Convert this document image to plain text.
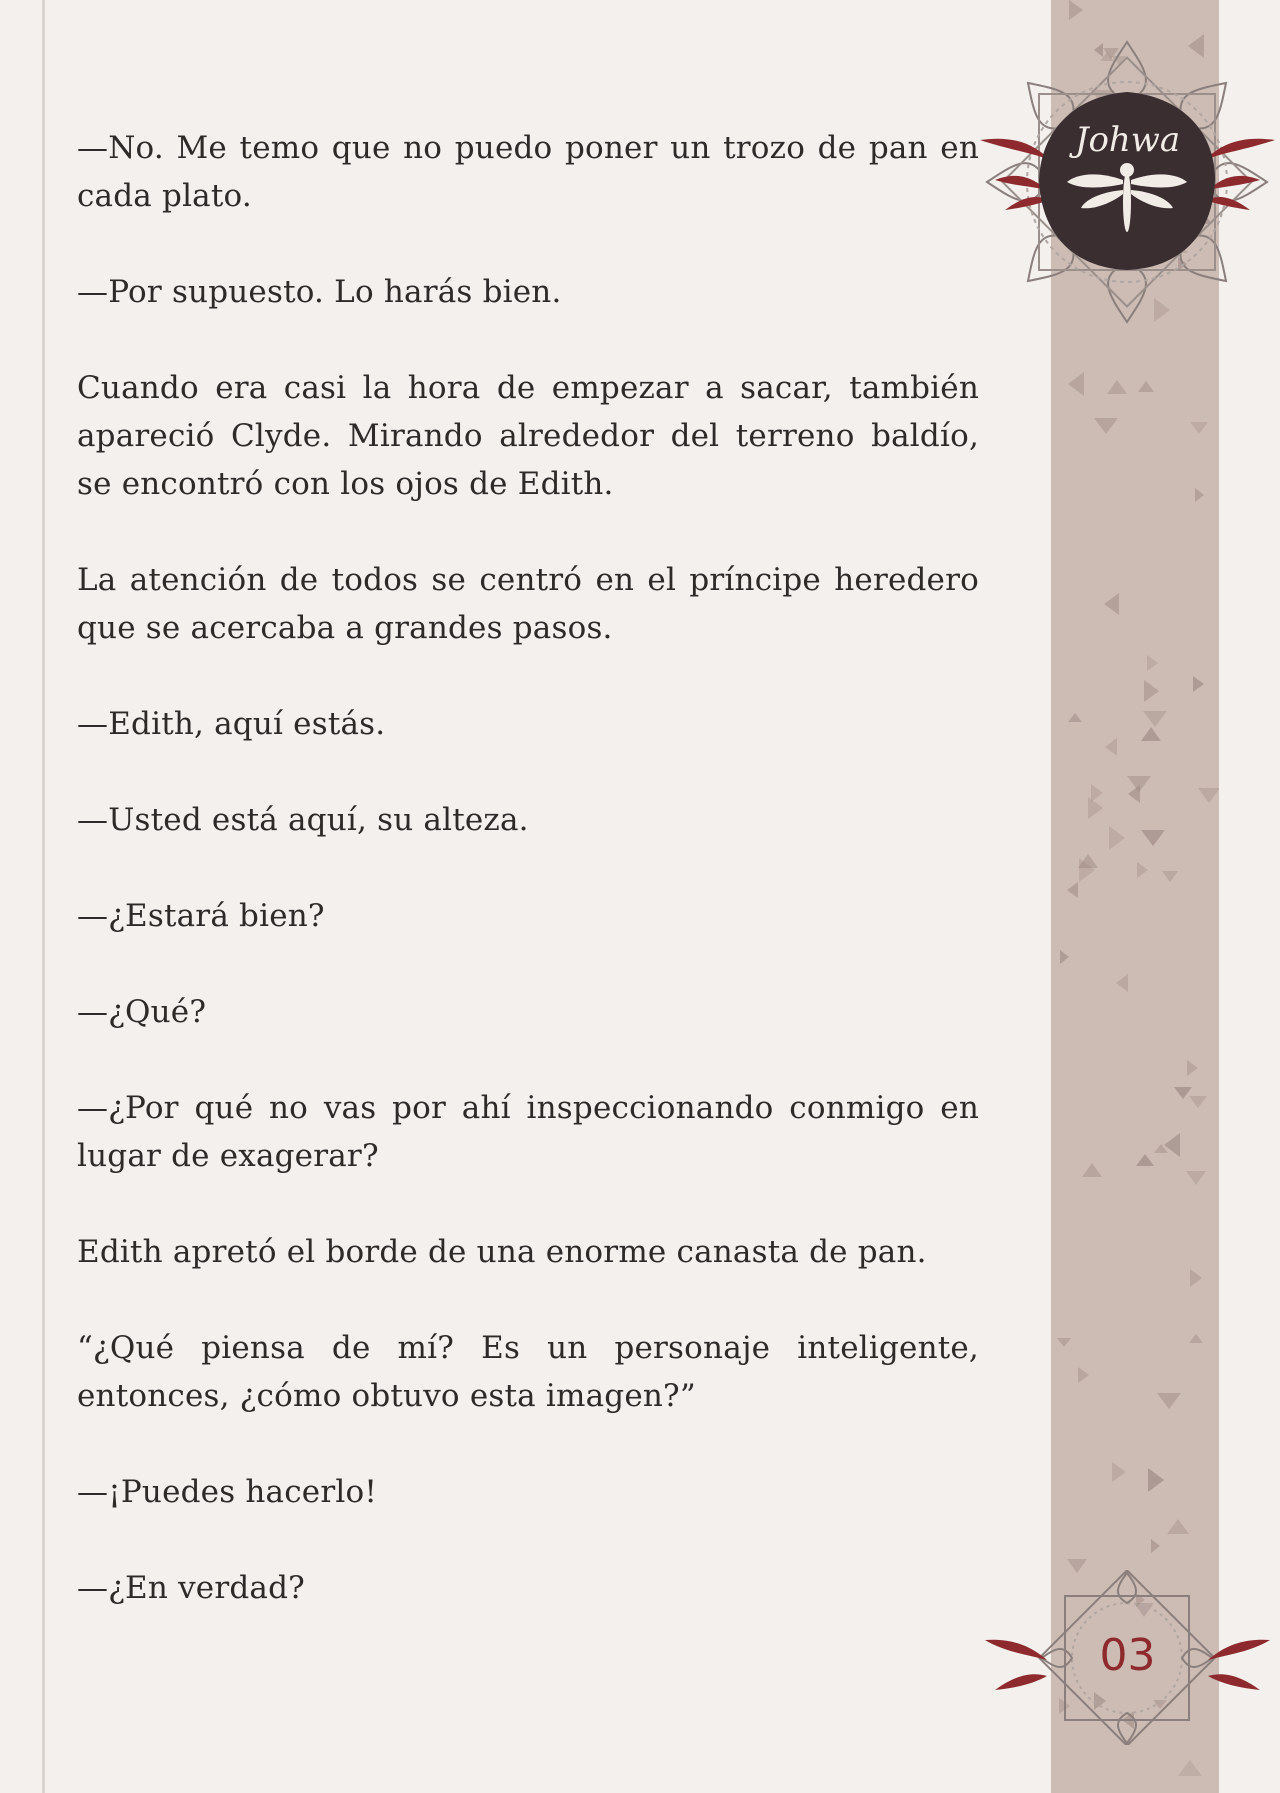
—No. Me temo que no puedo poner un trozo de pan en cada plato.

—Por supuesto. Lo harás bien.

Cuando era casi la hora de empezar a sacar, también apareció Clyde. Mirando alrededor del terreno baldío, se encontró con los ojos de Edith.

La atención de todos se centró en el príncipe heredero que se acercaba a grandes pasos.

—Edith, aquí estás.

—Usted está aquí, su alteza.

—¿Estará bien?

—¿Qué?

—¿Por qué no vas por ahí inspeccionando conmigo en lugar de exagerar?

Edith apretó el borde de una enorme canasta de pan.

“¿Qué piensa de mí? Es un personaje inteligente, entonces, ¿cómo obtuvo esta imagen?”

—¡Puedes hacerlo!

—¿En verdad?

Johwa
03
